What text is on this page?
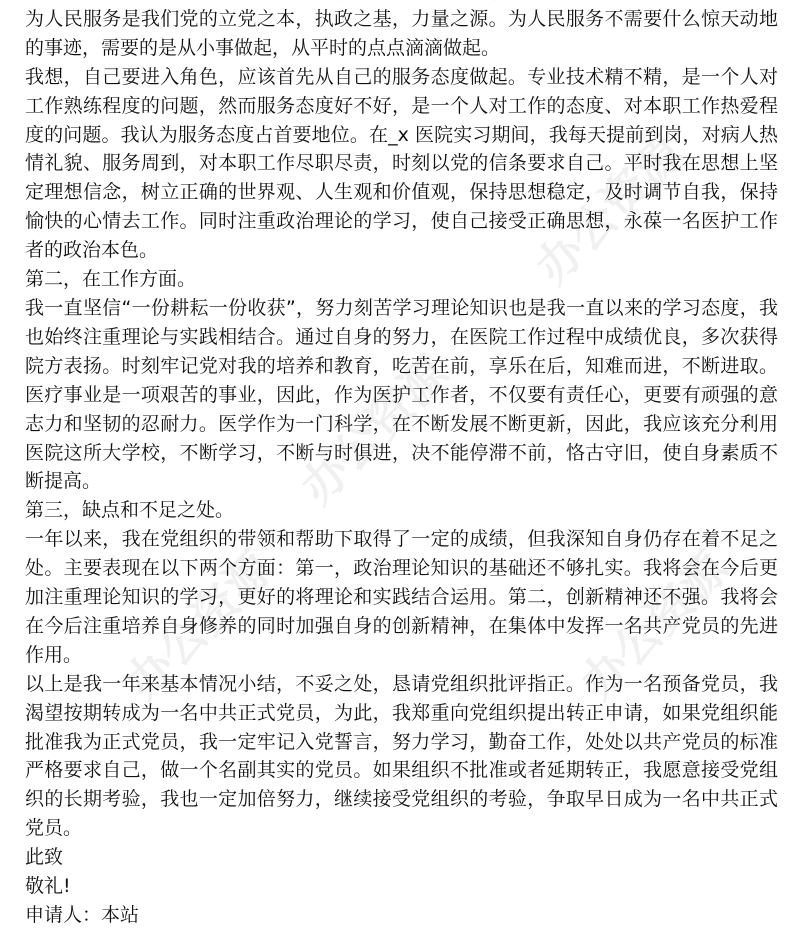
为人民服务是我们党的立党之本，执政之基，力量之源。为人民服务不需要什么惊天动地的事迹，需要的是从小事做起，从平时的点点滴滴做起。

我想，自己要进入角色，应该首先从自己的服务态度做起。专业技术精不精，是一个人对工作熟练程度的问题，然而服务态度好不好，是一个人对工作的态度、对本职工作热爱程度的问题。我认为服务态度占首要地位。在_x 医院实习期间，我每天提前到岗，对病人热情礼貌、服务周到，对本职工作尽职尽责，时刻以党的信条要求自己。平时我在思想上坚定理想信念，树立正确的世界观、人生观和价值观，保持思想稳定，及时调节自我，保持愉快的心情去工作。同时注重政治理论的学习，使自己接受正确思想，永葆一名医护工作者的政治本色。

第二，在工作方面。

我一直坚信“一份耕耘一份收获”，努力刻苦学习理论知识也是我一直以来的学习态度，我也始终注重理论与实践相结合。通过自身的努力，在医院工作过程中成绩优良，多次获得院方表扬。时刻牢记党对我的培养和教育，吃苦在前，享乐在后，知难而进，不断进取。医疗事业是一项艰苦的事业，因此，作为医护工作者，不仅要有责任心，更要有顽强的意志力和坚韧的忍耐力。医学作为一门科学，在不断发展不断更新，因此，我应该充分利用医院这所大学校，不断学习，不断与时俱进，决不能停滞不前，恪古守旧，使自身素质不断提高。

第三，缺点和不足之处。

一年以来，我在党组织的带领和帮助下取得了一定的成绩，但我深知自身仍存在着不足之处。主要表现在以下两个方面：第一，政治理论知识的基础还不够扎实。我将会在今后更加注重理论知识的学习，更好的将理论和实践结合运用。第二，创新精神还不强。我将会在今后注重培养自身修养的同时加强自身的创新精神，在集体中发挥一名共产党员的先进作用。

以上是我一年来基本情况小结，不妥之处，恳请党组织批评指正。作为一名预备党员，我渴望按期转成为一名中共正式党员，为此，我郑重向党组织提出转正申请，如果党组织能批准我为正式党员，我一定牢记入党誓言，努力学习，勤奋工作，处处以共产党员的标准严格要求自己，做一个名副其实的党员。如果组织不批准或者延期转正，我愿意接受党组织的长期考验，我也一定加倍努力，继续接受党组织的考验，争取早日成为一名中共正式党员。

此致

敬礼!

申请人：本站

办公资源
办公资源
办公资源	办公资源
